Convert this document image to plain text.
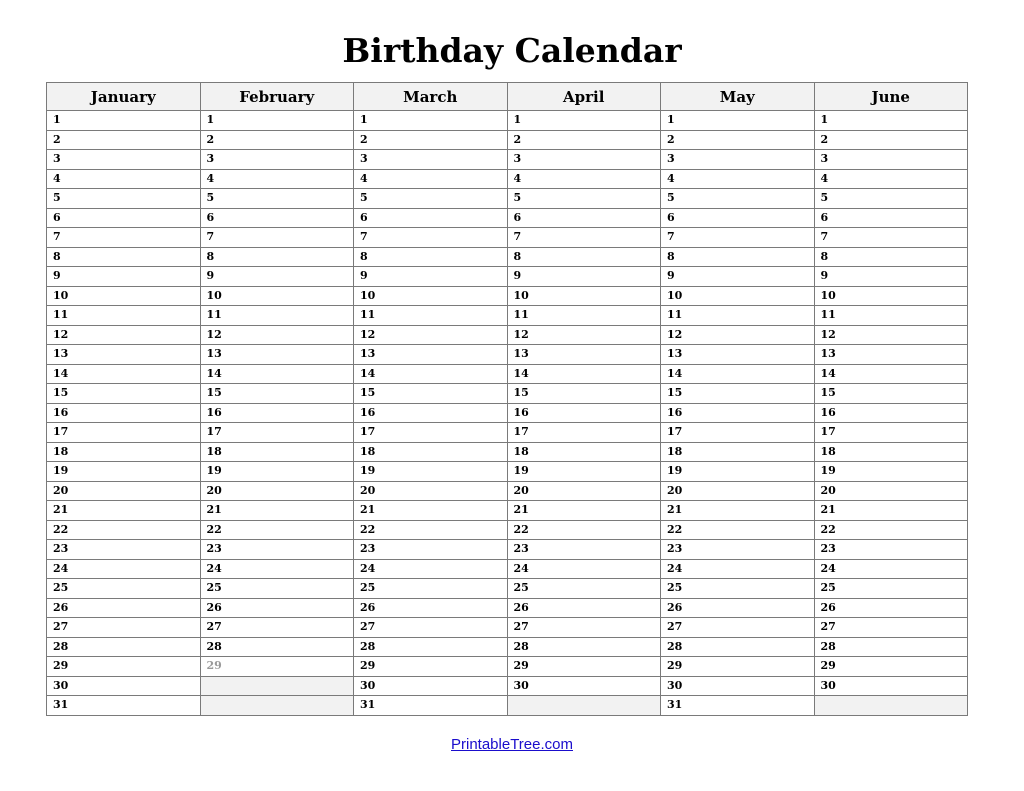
Birthday Calendar
January	February	March	April	May	June
1	1	1	1	1	1
2	2	2	2	2	2
3	3	3	3	3	3
4	4	4	4	4	4
5	5	5	5	5	5
6	6	6	6	6	6
7	7	7	7	7	7
8	8	8	8	8	8
9	9	9	9	9	9
10	10	10	10	10	10
11	11	11	11	11	11
12	12	12	12	12	12
13	13	13	13	13	13
14	14	14	14	14	14
15	15	15	15	15	15
16	16	16	16	16	16
17	17	17	17	17	17
18	18	18	18	18	18
19	19	19	19	19	19
20	20	20	20	20	20
21	21	21	21	21	21
22	22	22	22	22	22
23	23	23	23	23	23
24	24	24	24	24	24
25	25	25	25	25	25
26	26	26	26	26	26
27	27	27	27	27	27
28	28	28	28	28	28
29	29	29	29	29	29
30		30	30	30	30
31		31		31	
PrintableTree.com
